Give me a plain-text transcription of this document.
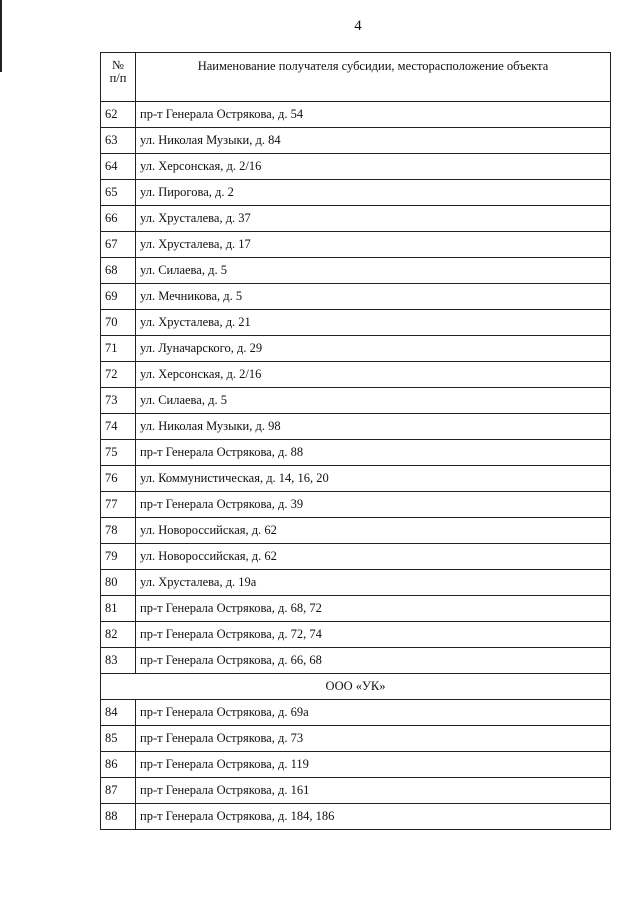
4
№
п/п	Наименование получателя субсидии, месторасположение объекта
62	пр-т Генерала Острякова, д. 54
63	ул. Николая Музыки, д. 84
64	ул. Херсонская, д. 2/16
65	ул. Пирогова, д. 2
66	ул. Хрусталева, д. 37
67	ул. Хрусталева, д. 17
68	ул. Силаева, д. 5
69	ул. Мечникова, д. 5
70	ул. Хрусталева, д. 21
71	ул. Луначарского, д. 29
72	ул. Херсонская, д. 2/16
73	ул. Силаева, д. 5
74	ул. Николая Музыки, д. 98
75	пр-т Генерала Острякова, д. 88
76	ул. Коммунистическая, д. 14, 16, 20
77	пр-т Генерала Острякова, д. 39
78	ул. Новороссийская, д. 62
79	ул. Новороссийская, д. 62
80	ул. Хрусталева, д. 19а
81	пр-т Генерала Острякова, д. 68, 72
82	пр-т Генерала Острякова, д. 72, 74
83	пр-т Генерала Острякова, д. 66, 68
ООО «УК»	
84	пр-т Генерала Острякова, д. 69а
85	пр-т Генерала Острякова, д. 73
86	пр-т Генерала Острякова, д. 119
87	пр-т Генерала Острякова, д. 161
88	пр-т Генерала Острякова, д. 184, 186
